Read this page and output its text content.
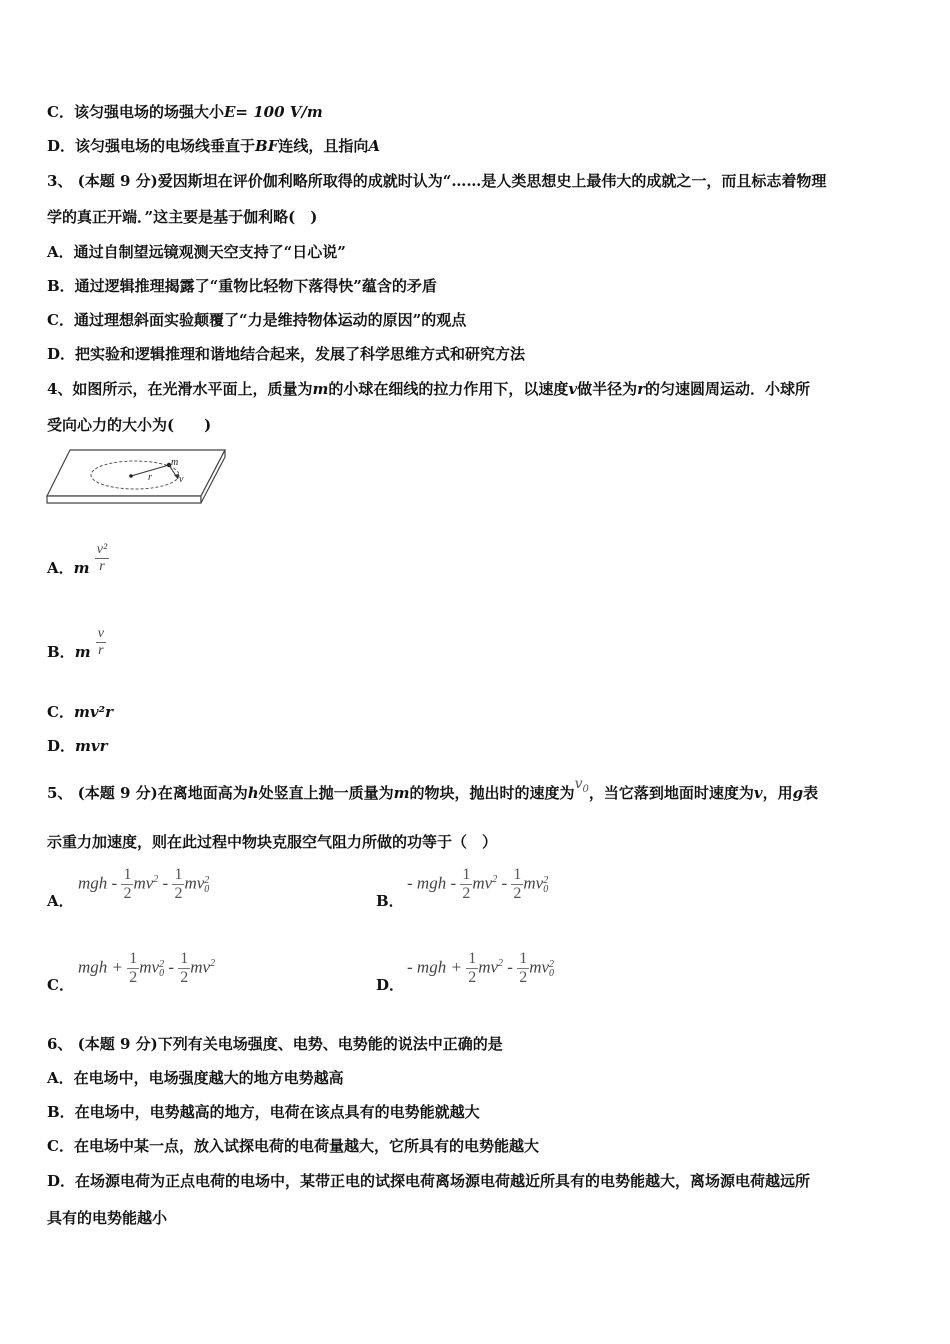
C．该匀强电场的场强大小E= 100 V/m
D．该匀强电场的电场线垂直于BF连线，且指向A
3、 (本题 9 分)爱因斯坦在评价伽利略所取得的成就时认为“……是人类思想史上最伟大的成就之一，而且标志着物理
学的真正开端．”这主要是基于伽利略(　)
A．通过自制望远镜观测天空支持了“日心说”
B．通过逻辑推理揭露了“重物比轻物下落得快”蕴含的矛盾
C．通过理想斜面实验颠覆了“力是维持物体运动的原因”的观点
D．把实验和逻辑推理和谐地结合起来，发展了科学思维方式和研究方法
4、如图所示，在光滑水平面上，质量为m的小球在细线的拉力作用下，以速度v做半径为r的匀速圆周运动．小球所
受向心力的大小为(　　)
m
r	v
A．m $\frac{\text{v²}}{r}$
B．m $\frac{v}{r}$
C．mv²r
D．mvr
5、 (本题 9 分)在离地面高为h处竖直上抛一质量为m的物块，抛出时的速度为$v_0$，当它落到地面时速度为v，用g表
示重力加速度，则在此过程中物块克服空气阻力所做的功等于（　）
A．
mgh - $\frac{1}{2} mv^2 - \frac{1}{2}$ mv 2
0
B．
- mgh - $\frac{1}{2} mv^2 - \frac{1}{2}$ mv 2
0
C．
mgh + $\frac{1}{2}$ mv 2
$0 - \frac{1}{2} mv^2$
D．
- mgh + $\frac{1}{2} mv^2 - \frac{1}{2}$ mv 2
0
6、 (本题 9 分)下列有关电场强度、电势、电势能的说法中正确的是
A．在电场中，电场强度越大的地方电势越高
B．在电场中，电势越高的地方，电荷在该点具有的电势能就越大
C．在电场中某一点，放入试探电荷的电荷量越大，它所具有的电势能越大
D．在场源电荷为正点电荷的电场中，某带正电的试探电荷离场源电荷越近所具有的电势能越大，离场源电荷越远所
具有的电势能越小
